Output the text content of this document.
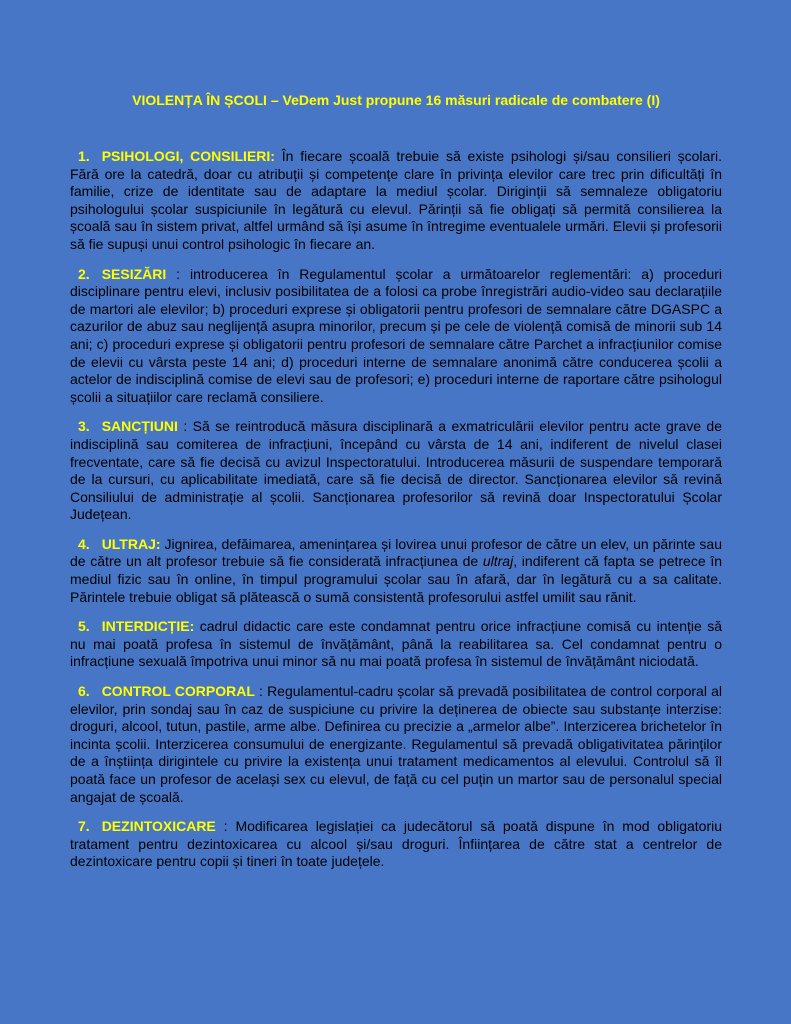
VIOLENȚA ÎN ȘCOLI – VeDem Just propune 16 măsuri radicale de combatere (I)

1. PSIHOLOGI, CONSILIERI: În fiecare școală trebuie să existe psihologi și/sau consilieri școlari. Fără ore la catedră, doar cu atribuții și competențe clare în privința elevilor care trec prin dificultăți în familie, crize de identitate sau de adaptare la mediul școlar. Diriginții să semnaleze obligatoriu psihologului școlar suspiciunile în legătură cu elevul. Părinții să fie obligați să permită consilierea la școală sau în sistem privat, altfel urmând să își asume în întregime eventualele urmări. Elevii și profesorii să fie supuși unui control psihologic în fiecare an.

2. SESIZĂRI : introducerea în Regulamentul școlar a următoarelor reglementări: a) proceduri disciplinare pentru elevi, inclusiv posibilitatea de a folosi ca probe înregistrări audio-video sau declarațiile de martori ale elevilor; b) proceduri exprese și obligatorii pentru profesori de semnalare către DGASPC a cazurilor de abuz sau neglijență asupra minorilor, precum și pe cele de violență comisă de minorii sub 14 ani; c) proceduri exprese și obligatorii pentru profesori de semnalare către Parchet a infracțiunilor comise de elevii cu vârsta peste 14 ani; d) proceduri interne de semnalare anonimă către conducerea școlii a actelor de indisciplină comise de elevi sau de profesori; e) proceduri interne de raportare către psihologul școlii a situațiilor care reclamă consiliere.

3. SANCȚIUNI : Să se reintroducă măsura disciplinară a exmatriculării elevilor pentru acte grave de indisciplină sau comiterea de infracțiuni, începând cu vârsta de 14 ani, indiferent de nivelul clasei frecventate, care să fie decisă cu avizul Inspectoratului. Introducerea măsurii de suspendare temporară de la cursuri, cu aplicabilitate imediată, care să fie decisă de director. Sancționarea elevilor să revină Consiliului de administrație al școlii. Sancționarea profesorilor să revină doar Inspectoratului Școlar Județean.

4. ULTRAJ: Jignirea, defăimarea, amenințarea și lovirea unui profesor de către un elev, un părinte sau de către un alt profesor trebuie să fie considerată infracțiunea de ultraj, indiferent că fapta se petrece în mediul fizic sau în online, în timpul programului școlar sau în afară, dar în legătură cu a sa calitate. Părintele trebuie obligat să plătească o sumă consistentă profesorului astfel umilit sau rănit.

5. INTERDICȚIE: cadrul didactic care este condamnat pentru orice infracțiune comisă cu intenție să nu mai poată profesa în sistemul de învățământ, până la reabilitarea sa. Cel condamnat pentru o infracțiune sexuală împotriva unui minor să nu mai poată profesa în sistemul de învățământ niciodată.

6. CONTROL CORPORAL : Regulamentul-cadru școlar să prevadă posibilitatea de control corporal al elevilor, prin sondaj sau în caz de suspiciune cu privire la deținerea de obiecte sau substanțe interzise: droguri, alcool, tutun, pastile, arme albe. Definirea cu precizie a „armelor albe”. Interzicerea brichetelor în incinta școlii. Interzicerea consumului de energizante. Regulamentul să prevadă obligativitatea părinților de a înștiința dirigintele cu privire la existența unui tratament medicamentos al elevului. Controlul să îl poată face un profesor de același sex cu elevul, de față cu cel puțin un martor sau de personalul special angajat de școală.

7. DEZINTOXICARE : Modificarea legislației ca judecătorul să poată dispune în mod obligatoriu tratament pentru dezintoxicarea cu alcool și/sau droguri. Înființarea de către stat a centrelor de dezintoxicare pentru copii și tineri în toate județele.
